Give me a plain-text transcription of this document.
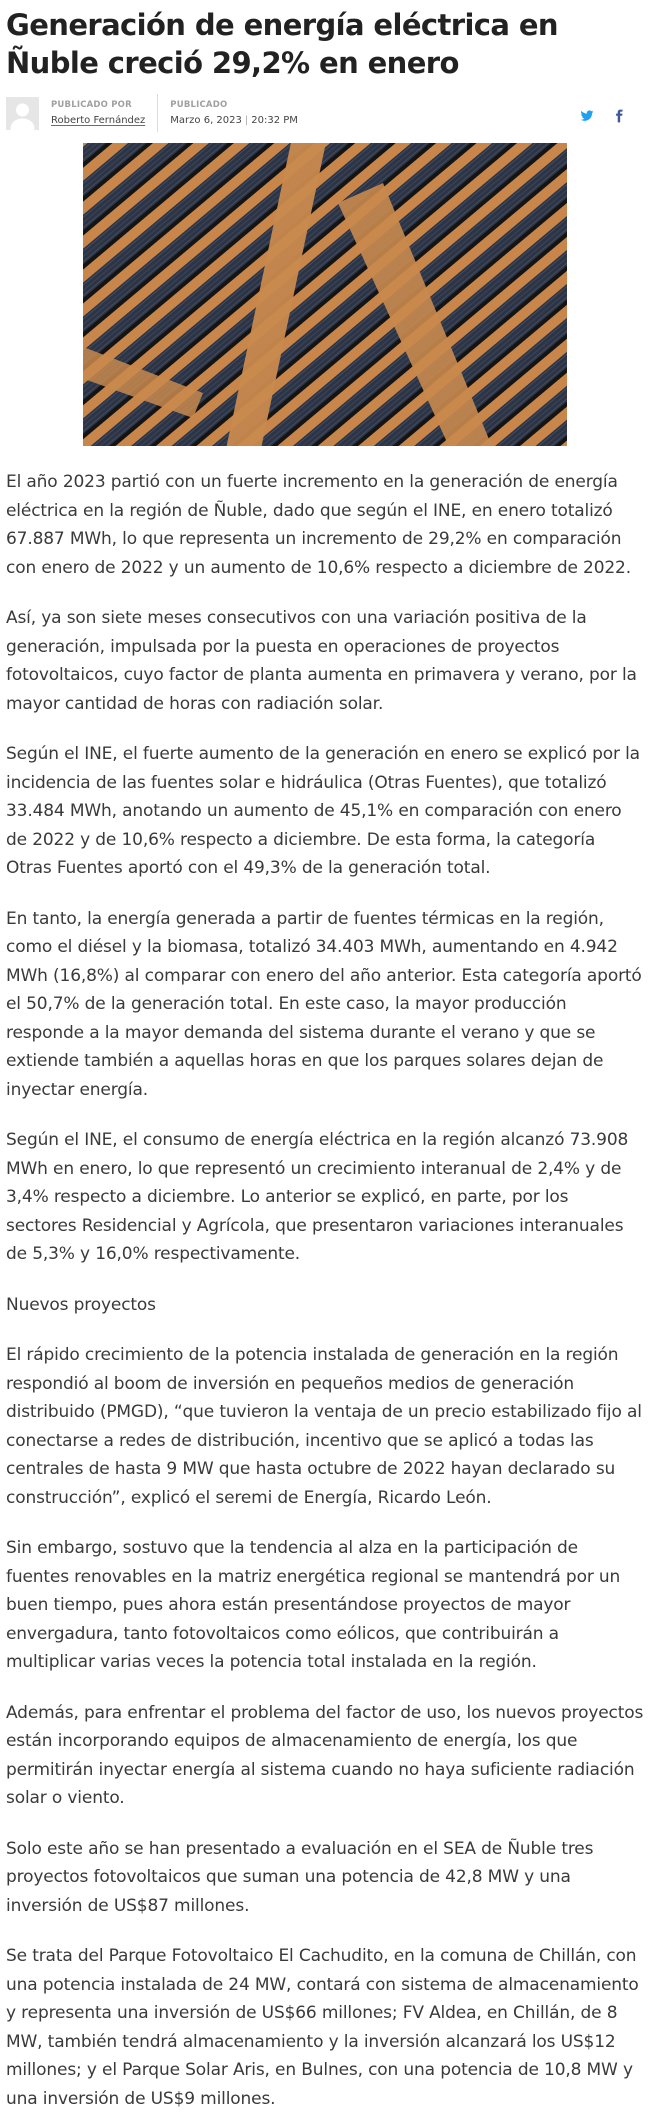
Generación de energía eléctrica en Ñuble creció 29,2% en enero
PUBLICADO POR
Roberto Fernández
PUBLICADO
Marzo 6, 2023 | 20:32 PM

El año 2023 partió con un fuerte incremento en la generación de energía eléctrica en la región de Ñuble, dado que según el INE, en enero totalizó 67.887 MWh, lo que representa un incremento de 29,2% en comparación con enero de 2022 y un aumento de 10,6% respecto a diciembre de 2022.

Así, ya son siete meses consecutivos con una variación positiva de la generación, impulsada por la puesta en operaciones de proyectos fotovoltaicos, cuyo factor de planta aumenta en primavera y verano, por la mayor cantidad de horas con radiación solar.

Según el INE, el fuerte aumento de la generación en enero se explicó por la incidencia de las fuentes solar e hidráulica (Otras Fuentes), que totalizó 33.484 MWh, anotando un aumento de 45,1% en comparación con enero de 2022 y de 10,6% respecto a diciembre. De esta forma, la categoría Otras Fuentes aportó con el 49,3% de la generación total.

En tanto, la energía generada a partir de fuentes térmicas en la región, como el diésel y la biomasa, totalizó 34.403 MWh, aumentando en 4.942 MWh (16,8%) al comparar con enero del año anterior. Esta categoría aportó el 50,7% de la generación total. En este caso, la mayor producción responde a la mayor demanda del sistema durante el verano y que se extiende también a aquellas horas en que los parques solares dejan de inyectar energía.

Según el INE, el consumo de energía eléctrica en la región alcanzó 73.908 MWh en enero, lo que representó un crecimiento interanual de 2,4% y de 3,4% respecto a diciembre. Lo anterior se explicó, en parte, por los sectores Residencial y Agrícola, que presentaron variaciones interanuales de 5,3% y 16,0% respectivamente.

Nuevos proyectos

El rápido crecimiento de la potencia instalada de generación en la región respondió al boom de inversión en pequeños medios de generación distribuido (PMGD), “que tuvieron la ventaja de un precio estabilizado fijo al conectarse a redes de distribución, incentivo que se aplicó a todas las centrales de hasta 9 MW que hasta octubre de 2022 hayan declarado su construcción”, explicó el seremi de Energía, Ricardo León.

Sin embargo, sostuvo que la tendencia al alza en la participación de fuentes renovables en la matriz energética regional se mantendrá por un buen tiempo, pues ahora están presentándose proyectos de mayor envergadura, tanto fotovoltaicos como eólicos, que contribuirán a multiplicar varias veces la potencia total instalada en la región.

Además, para enfrentar el problema del factor de uso, los nuevos proyectos están incorporando equipos de almacenamiento de energía, los que permitirán inyectar energía al sistema cuando no haya suficiente radiación solar o viento.

Solo este año se han presentado a evaluación en el SEA de Ñuble tres proyectos fotovoltaicos que suman una potencia de 42,8 MW y una inversión de US$87 millones.

Se trata del Parque Fotovoltaico El Cachudito, en la comuna de Chillán, con una potencia instalada de 24 MW, contará con sistema de almacenamiento y representa una inversión de US$66 millones; FV Aldea, en Chillán, de 8 MW, también tendrá almacenamiento y la inversión alcanzará los US$12 millones; y el Parque Solar Aris, en Bulnes, con una potencia de 10,8 MW y una inversión de US$9 millones.
